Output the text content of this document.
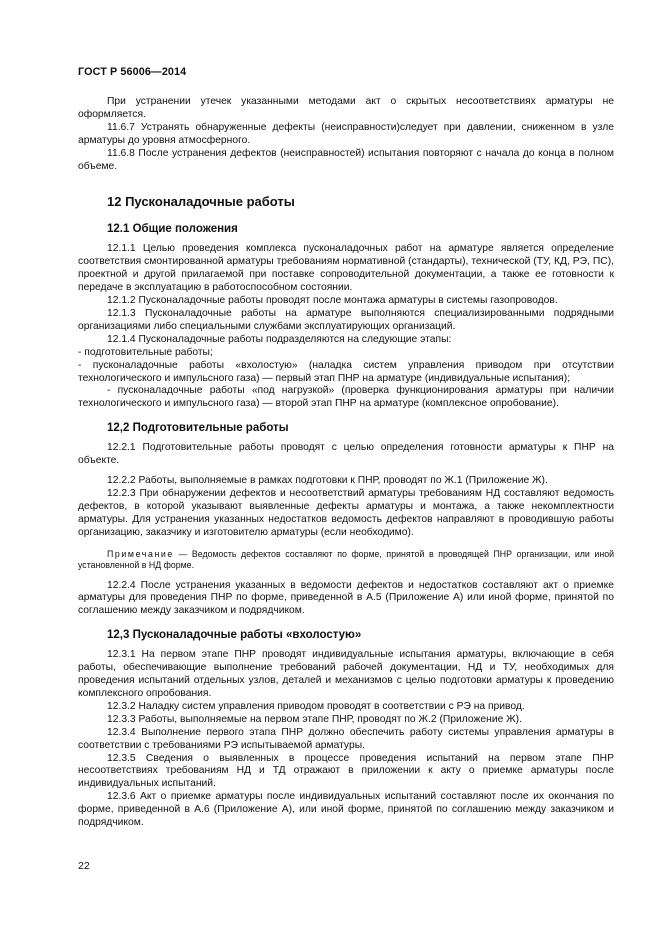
ГОСТ Р 56006—2014

При устранении утечек указанными методами акт о скрытых несоответствиях арматуры не оформляется.

11.6.7 Устранять обнаруженные дефекты (неисправности)следует при давлении, сниженном в узле арматуры до уровня атмосферного.

11.6.8 После устранения дефектов (неисправностей) испытания повторяют с начала до конца в полном объеме.

12 Пусконаладочные работы

12.1 Общие положения

12.1.1 Целью проведения комплекса пусконаладочных работ на арматуре является определение соответствия смонтированной арматуры требованиям нормативной (стандарты), технической (ТУ, КД, РЭ, ПС), проектной и другой прилагаемой при поставке сопроводительной документации, а также ее готовности к передаче в эксплуатацию в работоспособном состоянии.

12.1.2 Пусконаладочные работы проводят после монтажа арматуры в системы газопроводов.

12.1.3 Пусконаладочные работы на арматуре выполняются специализированными подрядными организациями либо специальными службами эксплуатирующих организаций.

12.1.4 Пусконаладочные работы подразделяются на следующие этапы:

- подготовительные работы;

- пусконаладочные работы «вхолостую» (наладка систем управления приводом при отсутствии технологического и импульсного газа) — первый этап ПНР на арматуре (индивидуальные испытания);

- пусконаладочные работы «под нагрузкой» (проверка функционирования арматуры при наличии технологического и импульсного газа) — второй этап ПНР на арматуре (комплексное опробование).

12,2 Подготовительные работы

12.2.1 Подготовительные работы проводят с целью определения готовности арматуры к ПНР на объекте.

12.2.2 Работы, выполняемые в рамках подготовки к ПНР, проводят по Ж.1 (Приложение Ж).

12.2.3 При обнаружении дефектов и несоответствий арматуры требованиям НД составляют ведомость дефектов, в которой указывают выявленные дефекты арматуры и монтажа, а также некомплектности арматуры. Для устранения указанных недостатков ведомость дефектов направляют в проводившую работы организацию, заказчику и изготовителю арматуры (если необходимо).

Примечание — Ведомость дефектов составляют по форме, принятой в проводящей ПНР организации, или иной установленной в НД форме.

12.2.4 После устранения указанных в ведомости дефектов и недостатков составляют акт о приемке арматуры для проведения ПНР по форме, приведенной в А.5 (Приложение А) или иной форме, принятой по соглашению между заказчиком и подрядчиком.

12,3 Пусконаладочные работы «вхолостую»

12.3.1 На первом этапе ПНР проводят индивидуальные испытания арматуры, включающие в себя работы, обеспечивающие выполнение требований рабочей документации, НД и ТУ, необходимых для проведения испытаний отдельных узлов, деталей и механизмов с целью подготовки арматуры к проведению комплексного опробования.

12.3.2 Наладку систем управления приводом проводят в соответствии с РЭ на привод.

12.3.3 Работы, выполняемые на первом этапе ПНР, проводят по Ж.2 (Приложение Ж).

12.3.4 Выполнение первого этапа ПНР должно обеспечить работу системы управления арматуры в соответствии с требованиями РЭ испытываемой арматуры.

12.3.5 Сведения о выявленных в процессе проведения испытаний на первом этапе ПНР несоответствиях требованиям НД и ТД отражают в приложении к акту о приемке арматуры после индивидуальных испытаний.

12.3.6 Акт о приемке арматуры после индивидуальных испытаний составляют после их окончания по форме, приведенной в А.6 (Приложение А), или иной форме, принятой по соглашению между заказчиком и подрядчиком.

22
